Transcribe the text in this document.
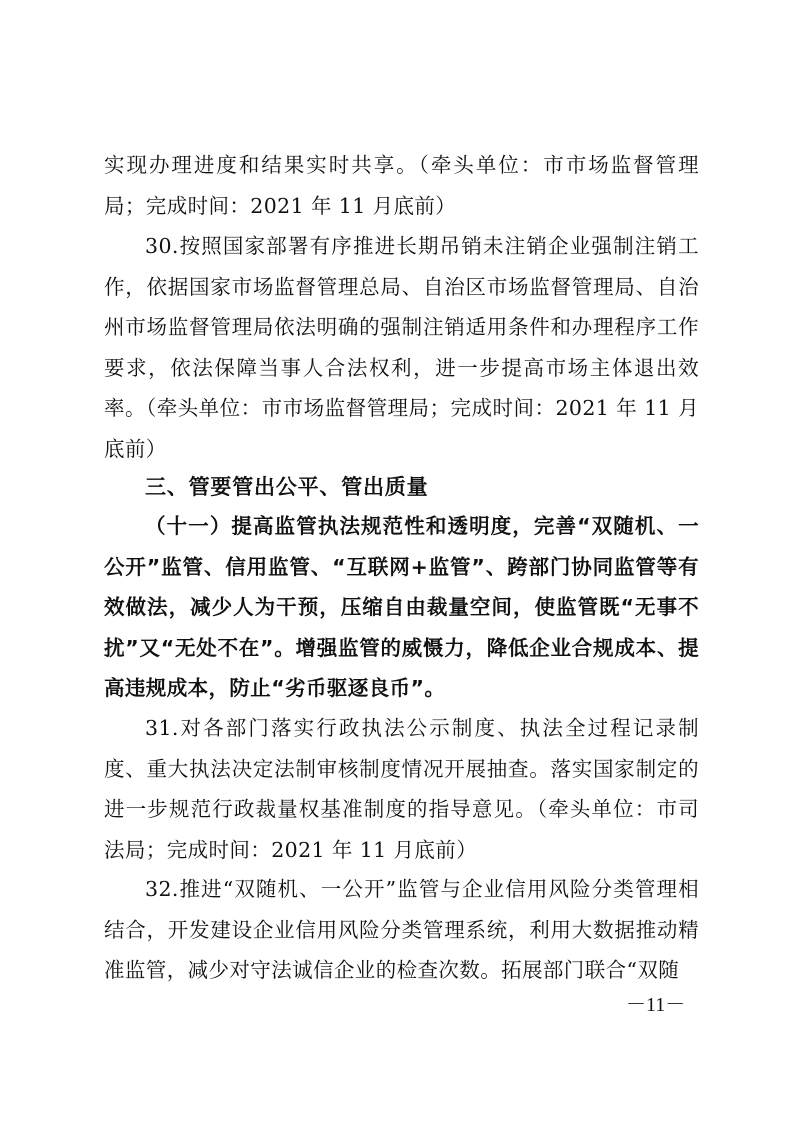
实现办理进度和结果实时共享。（牵头单位：市市场监督管理局；完成时间：2021 年 11 月底前）

30.按照国家部署有序推进长期吊销未注销企业强制注销工作，依据国家市场监督管理总局、自治区市场监督管理局、自治州市场监督管理局依法明确的强制注销适用条件和办理程序工作要求，依法保障当事人合法权利，进一步提高市场主体退出效率。（牵头单位：市市场监督管理局；完成时间：2021 年 11 月底前）

三、管要管出公平、管出质量

（十一）提高监管执法规范性和透明度，完善“双随机、一公开”监管、信用监管、“互联网+监管”、跨部门协同监管等有效做法，减少人为干预，压缩自由裁量空间，使监管既“无事不扰”又“无处不在”。增强监管的威慑力，降低企业合规成本、提高违规成本，防止“劣币驱逐良币”。

31.对各部门落实行政执法公示制度、执法全过程记录制度、重大执法决定法制审核制度情况开展抽查。落实国家制定的进一步规范行政裁量权基准制度的指导意见。（牵头单位：市司法局；完成时间：2021 年 11 月底前）

32.推进“双随机、一公开”监管与企业信用风险分类管理相结合，开发建设企业信用风险分类管理系统，利用大数据推动精准监管，减少对守法诚信企业的检查次数。拓展部门联合“双随

－11－
